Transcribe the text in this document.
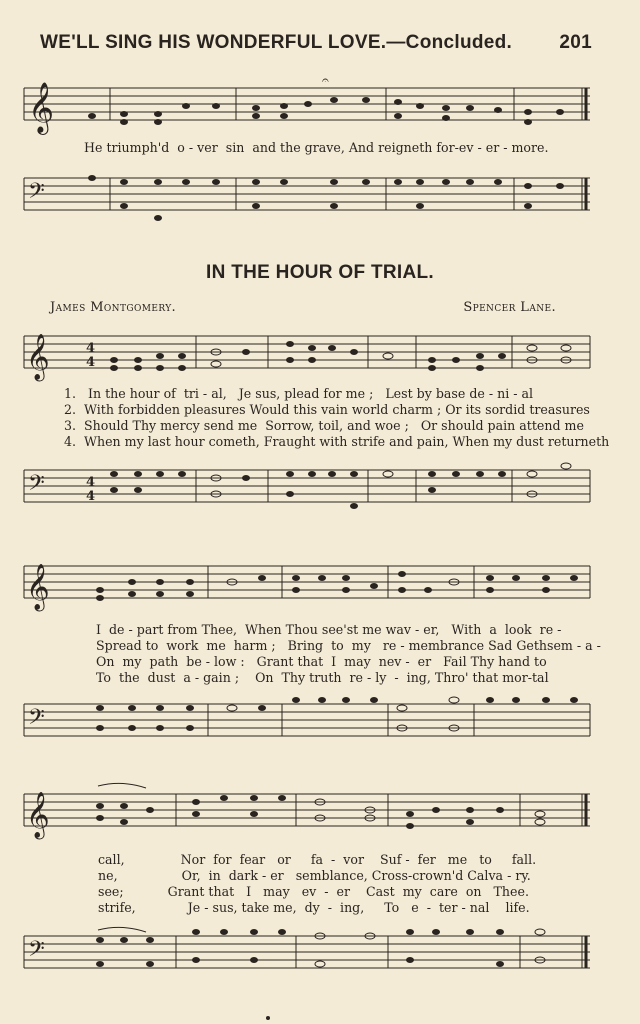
WE'LL SING HIS WONDERFUL LOVE.—Concluded. 201
𝄞
𝄐
He triumph'd  o - ver  sin  and the grave, And reigneth for-ev - er - more.
𝄢
IN THE HOUR OF TRIAL.
James Montgomery.	Spencer Lane.
𝄞	4
4
1.   In the hour of  tri - al,   Je sus, plead for me ;   Lest by base de - ni - al
2.  With forbidden pleasures Would this vain world charm ; Or its sordid treasures
3.  Should Thy mercy send me  Sorrow, toil, and woe ;   Or should pain attend me
4.  When my last hour cometh, Fraught with strife and pain, When my dust returneth
𝄢	4
4
𝄞
I  de - part from Thee,  When Thou see'st me wav - er,   With  a  look  re -
Spread to  work  me  harm ;   Bring  to  my   re - membrance Sad Gethsem - a -
On  my  path  be - low :   Grant that  I  may  nev -  er   Fail Thy hand to
To  the  dust  a - gain ;    On  Thy truth  re - ly  -  ing, Thro' that mor-tal
𝄢
𝄞
call,              Nor  for  fear   or     fa  -  vor    Suf -  fer   me   to     fall.
ne,                Or,  in  dark - er   semblance, Cross-crown'd Calva - ry.
see;           Grant that   I   may   ev  -  er    Cast  my  care  on   Thee.
strife,             Je - sus, take me,  dy  -  ing,     To   e  -  ter - nal    life.
𝄢
